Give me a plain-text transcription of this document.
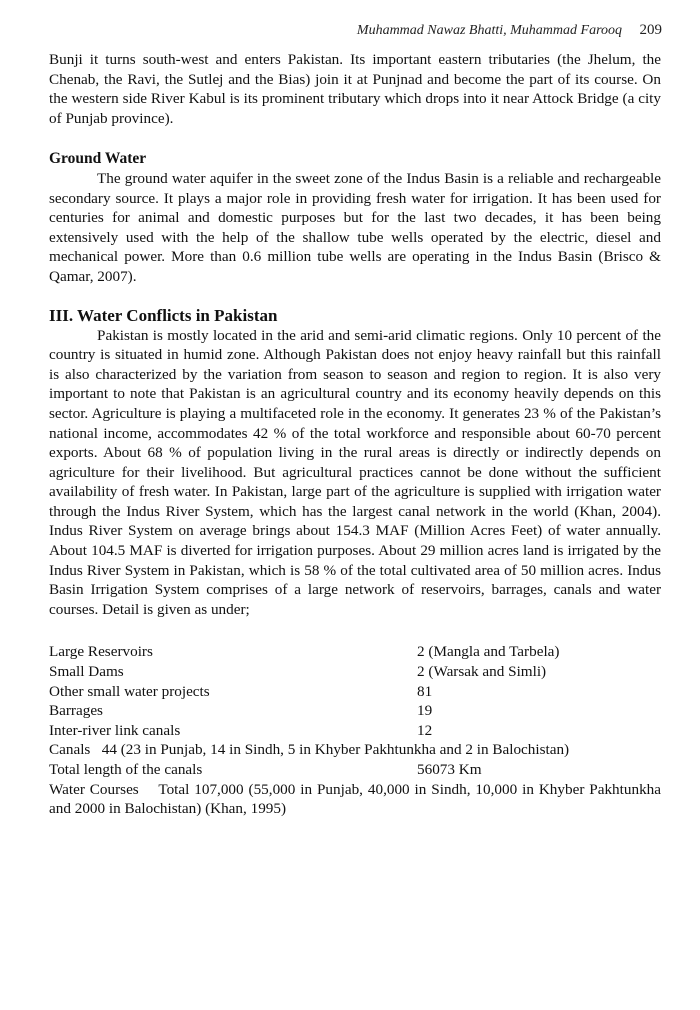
Muhammad Nawaz Bhatti, Muhammad Farooq 209

Bunji it turns south-west and enters Pakistan. Its important eastern tributaries (the Jhelum, the Chenab, the Ravi, the Sutlej and the Bias) join it at Punjnad and become the part of its course. On the western side River Kabul is its prominent tributary which drops into it near Attock Bridge (a city of Punjab province).

Ground Water

The ground water aquifer in the sweet zone of the Indus Basin is a reliable and rechargeable secondary source. It plays a major role in providing fresh water for irrigation. It has been used for centuries for animal and domestic purposes but for the last two decades, it has been being extensively used with the help of the shallow tube wells operated by the electric, diesel and mechanical power. More than 0.6 million tube wells are operating in the Indus Basin (Brisco & Qamar, 2007).

III. Water Conflicts in Pakistan

Pakistan is mostly located in the arid and semi-arid climatic regions. Only 10 percent of the country is situated in humid zone. Although Pakistan does not enjoy heavy rainfall but this rainfall is also characterized by the variation from season to season and region to region. It is also very important to note that Pakistan is an agricultural country and its economy heavily depends on this sector. Agriculture is playing a multifaceted role in the economy. It generates 23 % of the Pakistan’s national income, accommodates 42 % of the total workforce and responsible about 60-70 percent exports. About 68 % of population living in the rural areas is directly or indirectly depends on agriculture for their livelihood. But agricultural practices cannot be done without the sufficient availability of fresh water. In Pakistan, large part of the agriculture is supplied with irrigation water through the Indus River System, which has the largest canal network in the world (Khan, 2004). Indus River System on average brings about 154.3 MAF (Million Acres Feet) of water annually. About 104.5 MAF is diverted for irrigation purposes. About 29 million acres land is irrigated by the Indus River System in Pakistan, which is 58 % of the total cultivated area of 50 million acres. Indus Basin Irrigation System comprises of a large network of reservoirs, barrages, canals and water courses. Detail is given as under;

Large Reservoirs	2 (Mangla and Tarbela)
Small Dams	2 (Warsak and Simli)
Other small water projects	81
Barrages	19
Inter-river link canals	12

Canals   44 (23 in Punjab, 14 in Sindh, 5 in Khyber Pakhtunkha and 2 in Balochistan)

Total length of the canals	56073 Km

Water Courses    Total 107,000 (55,000 in Punjab, 40,000 in Sindh, 10,000 in Khyber Pakhtunkha and 2000 in Balochistan) (Khan, 1995)
